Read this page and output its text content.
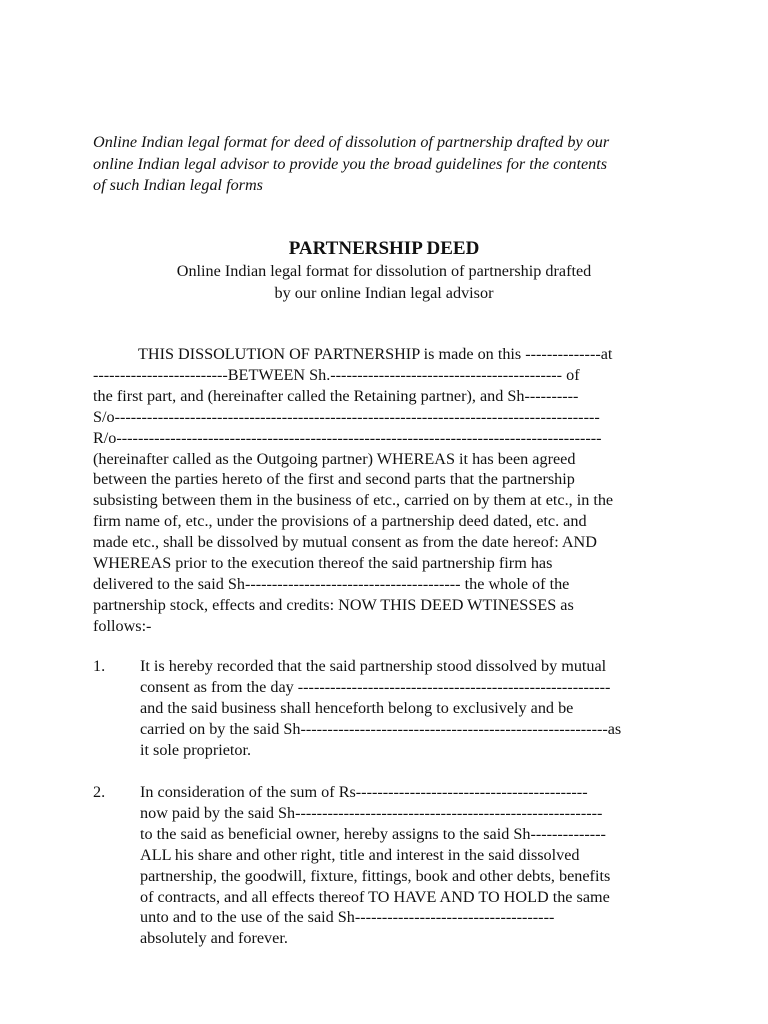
Online Indian legal format for deed of dissolution of partnership drafted by our
online Indian legal advisor to provide you the broad guidelines for the contents
of such Indian legal forms
PARTNERSHIP DEED
Online Indian legal format for dissolution of partnership drafted
by our online Indian legal advisor
THIS DISSOLUTION OF PARTNERSHIP is made on this --------------at
-------------------------BETWEEN Sh.------------------------------------------- of
the first part, and (hereinafter called the Retaining partner), and Sh----------
S/o------------------------------------------------------------------------------------------
R/o------------------------------------------------------------------------------------------
(hereinafter called as the Outgoing partner) WHEREAS it has been agreed
between the parties hereto of the first and second parts that the partnership
subsisting between them in the business of etc., carried on by them at etc., in the
firm name of, etc., under the provisions of a partnership deed dated, etc. and
made etc., shall be dissolved by mutual consent as from the date hereof: AND
WHEREAS prior to the execution thereof the said partnership firm has
delivered to the said Sh---------------------------------------- the whole of the
partnership stock, effects and credits: NOW THIS DEED WTINESSES as
follows:-
1. It is hereby recorded that the said partnership stood dissolved by mutual
consent as from the day ----------------------------------------------------------
and the said business shall henceforth belong to exclusively and be
carried on by the said Sh---------------------------------------------------------as
it sole proprietor.
2. In consideration of the sum of Rs-------------------------------------------
now paid by the said Sh---------------------------------------------------------
to the said as beneficial owner, hereby assigns to the said Sh--------------
ALL his share and other right, title and interest in the said dissolved
partnership, the goodwill, fixture, fittings, book and other debts, benefits
of contracts, and all effects thereof TO HAVE AND TO HOLD the same
unto and to the use of the said Sh-------------------------------------
absolutely and forever.
